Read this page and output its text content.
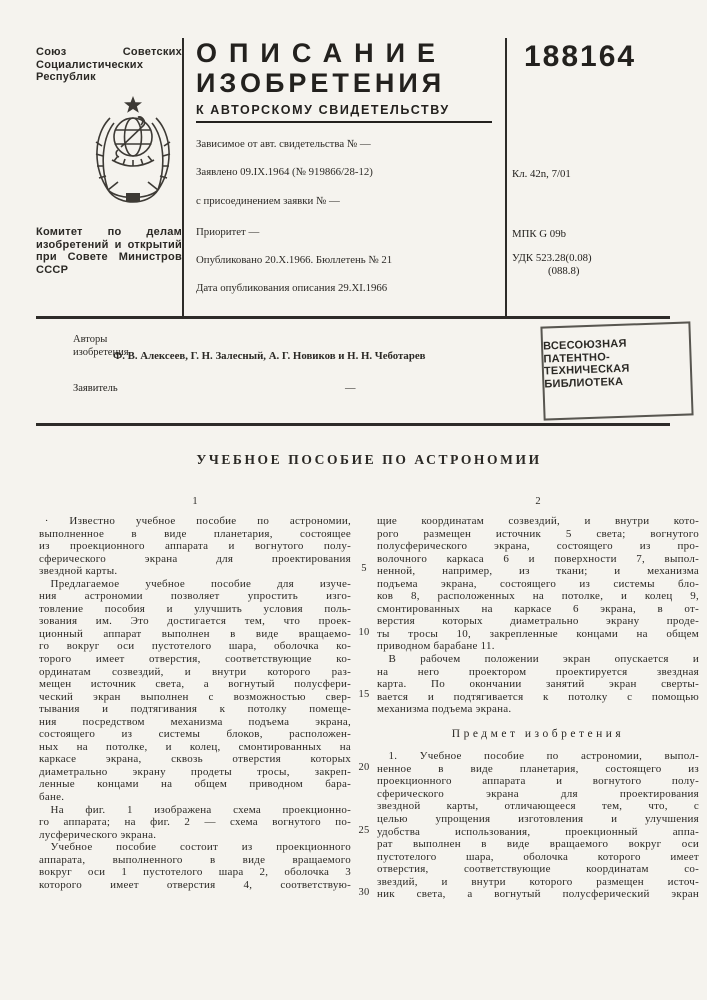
Союз Советских
Социалистических
Республик
Комитет по делам
изобретений и открытий
при Совете Министров
СССР
ОПИСАНИЕ
ИЗОБРЕТЕНИЯ
К АВТОРСКОМУ СВИДЕТЕЛЬСТВУ
Зависимое от авт. свидетельства № —
Заявлено 09.IX.1964 (№ 919866/28-12)
с присоединением заявки № —
Приоритет —
Опубликовано 20.X.1966. Бюллетень № 21
Дата опубликования описания 29.XI.1966
188164
Кл. 42n, 7/01
МПК G 09b
УДК 523.28(0.08)
(088.8)
Авторы
изобретения
Ф. В. Алексеев, Г. Н. Залесный, А. Г. Новиков и Н. Н. Чеботарев
Заявитель	—
ВСЕСОЮЗНАЯ
ПАТЕНТНО-
ТЕХНИЧЕСКАЯ
БИБЛИОТЕКА
УЧЕБНОЕ ПОСОБИЕ ПО АСТРОНОМИИ
1	2
 · Известно учебное пособие по астрономии,
выполненное в виде планетария, состоящее
из проекционного аппарата и вогнутого полу-
сферического экрана для проектирования
звездной карты.
  Предлагаемое учебное пособие для изуче-
ния астрономии позволяет упростить изго-
товление пособия и улучшить условия поль-
зования им. Это достигается тем, что проек-
ционный аппарат выполнен в виде вращаемо-
го вокруг оси пустотелого шара, оболочка ко-
торого имеет отверстия, соответствующие ко-
ординатам созвездий, и внутри которого раз-
мещен источник света, а вогнутый полусфери-
ческий экран выполнен с возможностью свер-
тывания и подтягивания к потолку помеще-
ния посредством механизма подъема экрана,
состоящего из системы блоков, расположен-
ных на потолке, и колец, смонтированных на
каркасе экрана, сквозь отверстия которых
диаметрально экрану продеты тросы, закреп-
ленные концами на общем приводном бара-
бане.
  На фиг. 1 изображена схема проекционно-
го аппарата; на фиг. 2 — схема вогнутого по-
лусферического экрана.
  Учебное пособие состоит из проекционного
аппарата, выполненного в виде вращаемого
вокруг оси 1 пустотелого шара 2, оболочка 3
которого имеет отверстия 4, соответствую-
5
10
15
20
25
30
щие координатам созвездий, и внутри кото-
рого размещен источник 5 света; вогнутого
полусферического экрана, состоящего из про-
волочного каркаса 6 и поверхности 7, выпол-
ненной, например, из ткани; и механизма
подъема экрана, состоящего из системы бло-
ков 8, расположенных на потолке, и колец 9,
смонтированных на каркасе 6 экрана, в от-
верстия которых диаметрально экрану проде-
ты тросы 10, закрепленные концами на общем
приводном барабане 11.
  В рабочем положении экран опускается и
на него проектором проектируется звездная
карта. По окончании занятий экран сверты-
вается и подтягивается к потолку с помощью
механизма подъема экрана.
Предмет изобретения
  1. Учебное пособие по астрономии, выпол-
ненное в виде планетария, состоящего из
проекционного аппарата и вогнутого полу-
сферического экрана для проектирования
звездной карты, отличающееся тем, что, с
целью упрощения изготовления и улучшения
удобства использования, проекционный аппа-
рат выполнен в виде вращаемого вокруг оси
пустотелого шара, оболочка которого имеет
отверстия, соответствующие координатам со-
звездий, и внутри которого размещен источ-
ник света, а вогнутый полусферический экран
